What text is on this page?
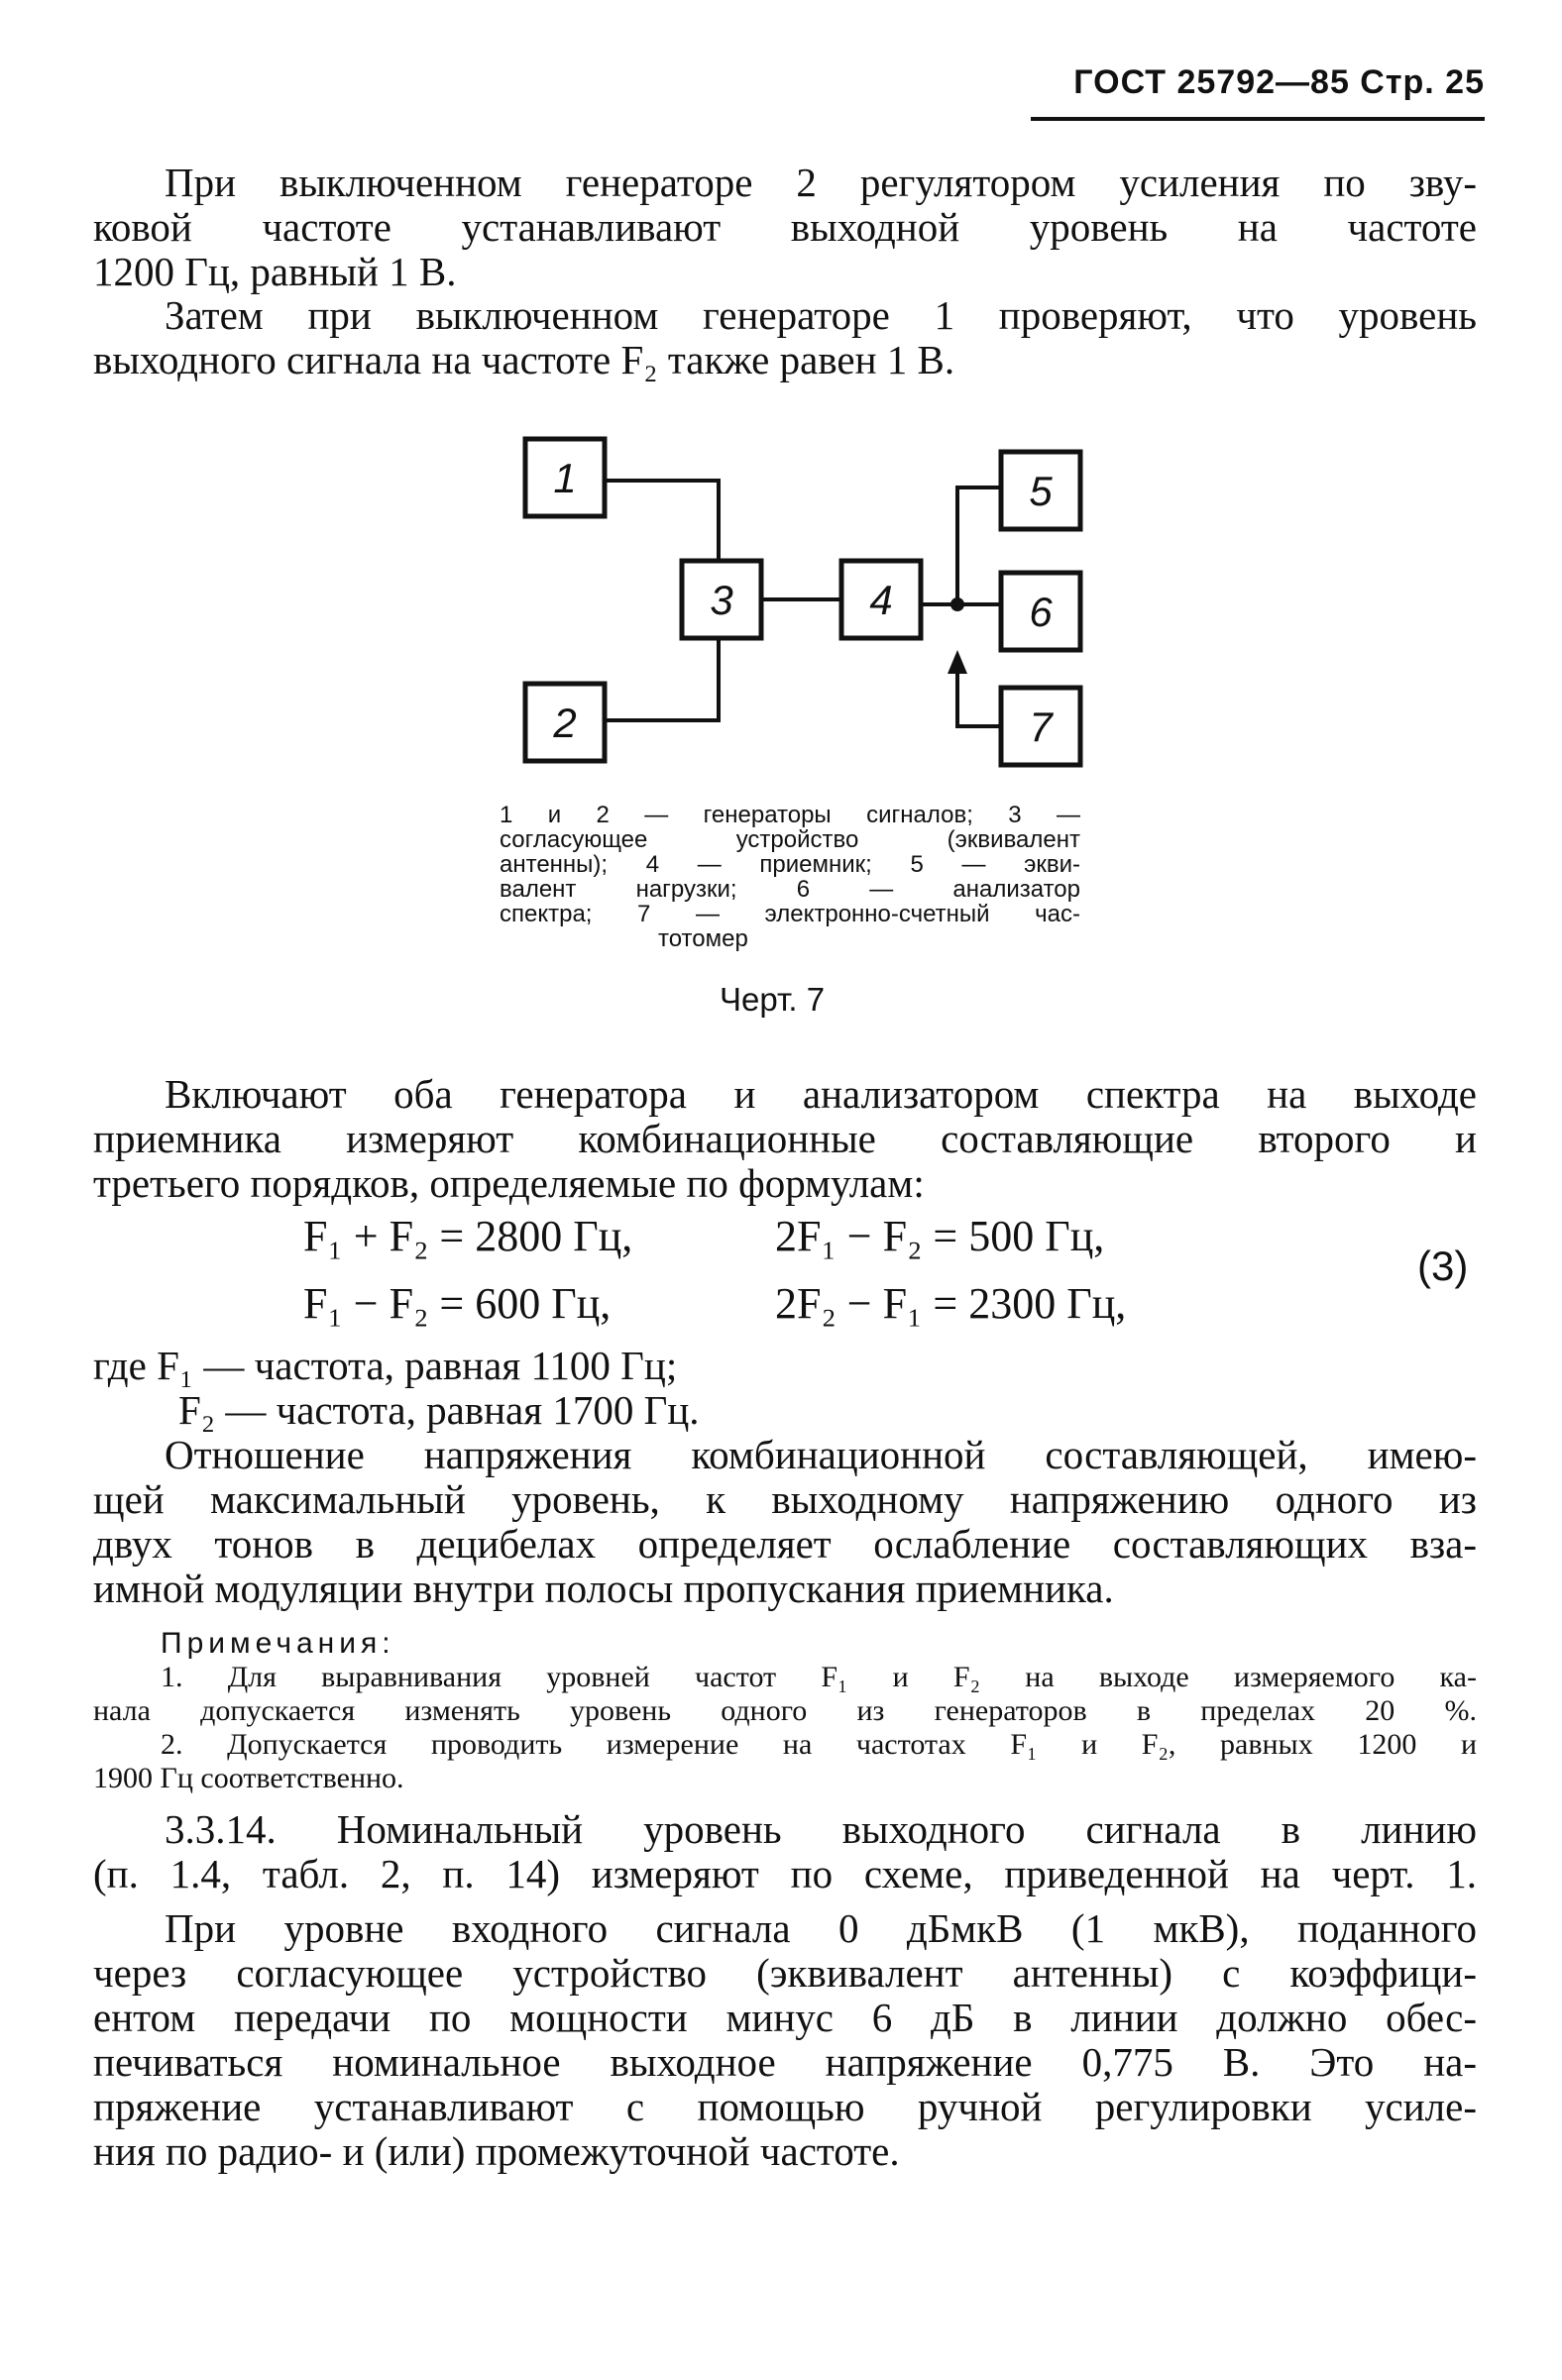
ГОСТ 25792—85 Стр. 25
При выключенном генераторе 2 регулятором усиления по зву-
ковой частоте устанавливают выходной уровень на частоте
1200 Гц, равный 1 В.
Затем при выключенном генераторе 1 проверяют, что уровень
выходного сигнала на частоте F₂ также равен 1 В.
1
2
3	4
5
6
7
1 и 2 — генераторы сигналов; 3 —
согласующее устройство (эквивалент
антенны); 4 — приемник; 5 — экви-
валент нагрузки; 6 — анализатор
спектра; 7 — электронно-счетный час-
тотомер
Черт. 7
Включают оба генератора и анализатором спектра на выходе
приемника измеряют комбинационные составляющие второго и
третьего порядков, определяемые по формулам:
F₁ + F₂ = 2800 Гц,	2F₁ − F₂ = 500 Гц,
F₁ − F₂ = 600 Гц,	2F₂ − F₁ = 2300 Гц,
(3)
где F₁ — частота, равная 1100 Гц;
F₂ — частота, равная 1700 Гц.
Отношение напряжения комбинационной составляющей, имею-
щей максимальный уровень, к выходному напряжению одного из
двух тонов в децибелах определяет ослабление составляющих вза-
имной модуляции внутри полосы пропускания приемника.
Примечания:
1. Для выравнивания уровней частот F₁ и F₂ на выходе измеряемого ка-
нала допускается изменять уровень одного из генераторов в пределах 20 %.
2. Допускается проводить измерение на частотах F₁ и F₂, равных 1200 и
1900 Гц соответственно.
3.3.14. Номинальный уровень выходного сигнала в линию
(п. 1.4, табл. 2, п. 14) измеряют по схеме, приведенной на черт. 1.
При уровне входного сигнала 0 дБмкВ (1 мкВ), поданного
через согласующее устройство (эквивалент антенны) с коэффици-
ентом передачи по мощности минус 6 дБ в линии должно обес-
печиваться номинальное выходное напряжение 0,775 В. Это на-
пряжение устанавливают с помощью ручной регулировки усиле-
ния по радио- и (или) промежуточной частоте.
